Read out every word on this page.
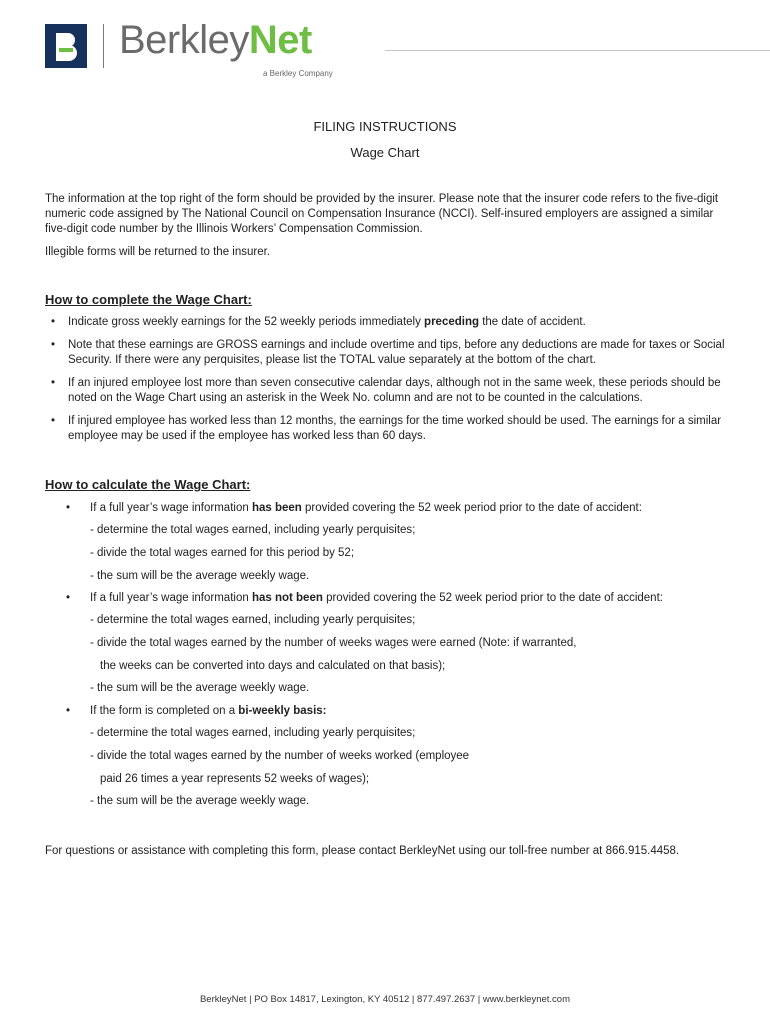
BerkleyNet
a Berkley Company
FILING INSTRUCTIONS
Wage Chart
The information at the top right of the form should be provided by the insurer. Please note that the insurer code refers to the five-digit numeric code assigned by The National Council on Compensation Insurance (NCCI). Self-insured employers are assigned a similar five-digit code number by the Illinois Workers’ Compensation Commission.
Illegible forms will be returned to the insurer.
How to complete the Wage Chart:
• Indicate gross weekly earnings for the 52 weekly periods immediately preceding the date of accident.
• Note that these earnings are GROSS earnings and include overtime and tips, before any deductions are made for taxes or Social Security. If there were any perquisites, please list the TOTAL value separately at the bottom of the chart.
• If an injured employee lost more than seven consecutive calendar days, although not in the same week, these periods should be noted on the Wage Chart using an asterisk in the Week No. column and are not to be counted in the calculations.
• If injured employee has worked less than 12 months, the earnings for the time worked should be used. The earnings for a similar employee may be used if the employee has worked less than 60 days.
How to calculate the Wage Chart:
• If a full year’s wage information has been provided covering the 52 week period prior to the date of accident:
- determine the total wages earned, including yearly perquisites;
- divide the total wages earned for this period by 52;
- the sum will be the average weekly wage.
• If a full year’s wage information has not been provided covering the 52 week period prior to the date of accident:
- determine the total wages earned, including yearly perquisites;
- divide the total wages earned by the number of weeks wages were earned (Note: if warranted,
the weeks can be converted into days and calculated on that basis);
- the sum will be the average weekly wage.
• If the form is completed on a bi-weekly basis:
- determine the total wages earned, including yearly perquisites;
- divide the total wages earned by the number of weeks worked (employee
paid 26 times a year represents 52 weeks of wages);
- the sum will be the average weekly wage.
For questions or assistance with completing this form, please contact BerkleyNet using our toll-free number at 866.915.4458.
BerkleyNet | PO Box 14817, Lexington, KY 40512 | 877.497.2637 | www.berkleynet.com
